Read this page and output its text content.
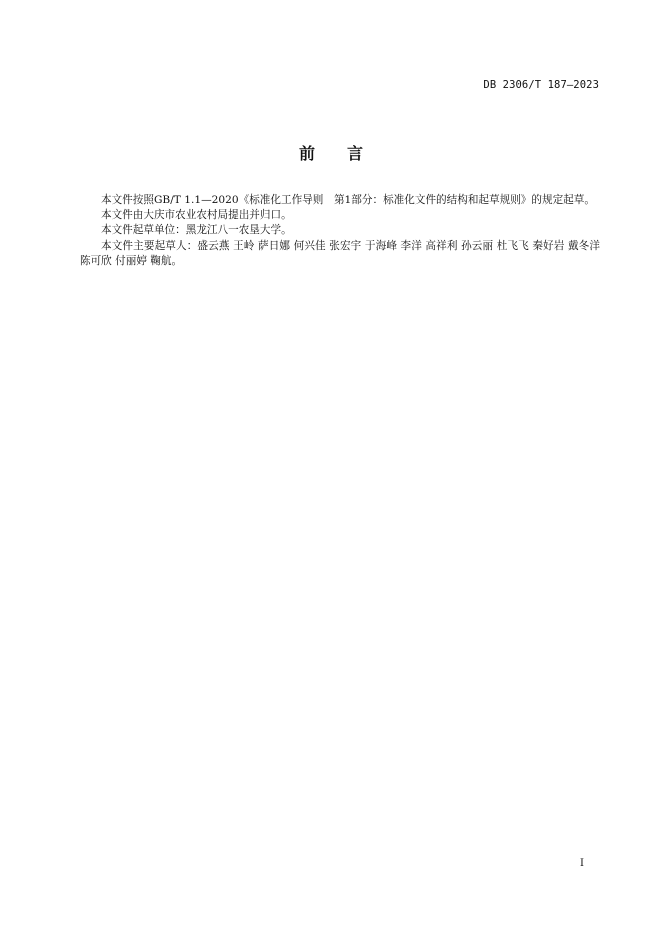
DB 2306/T 187—2023
前 言

本文件按照GB/T 1.1—2020《标准化工作导则　第1部分：标准化文件的结构和起草规则》的规定起草。

本文件由大庆市农业农村局提出并归口。

本文件起草单位：黑龙江八一农垦大学。

本文件主要起草人：盛云燕 王岭 萨日娜 何兴佳 张宏宇 于海峰 李洋 高祥利 孙云丽 杜飞飞 秦好岩 戴冬洋 陈可欣 付丽婷 鞠航。

I
